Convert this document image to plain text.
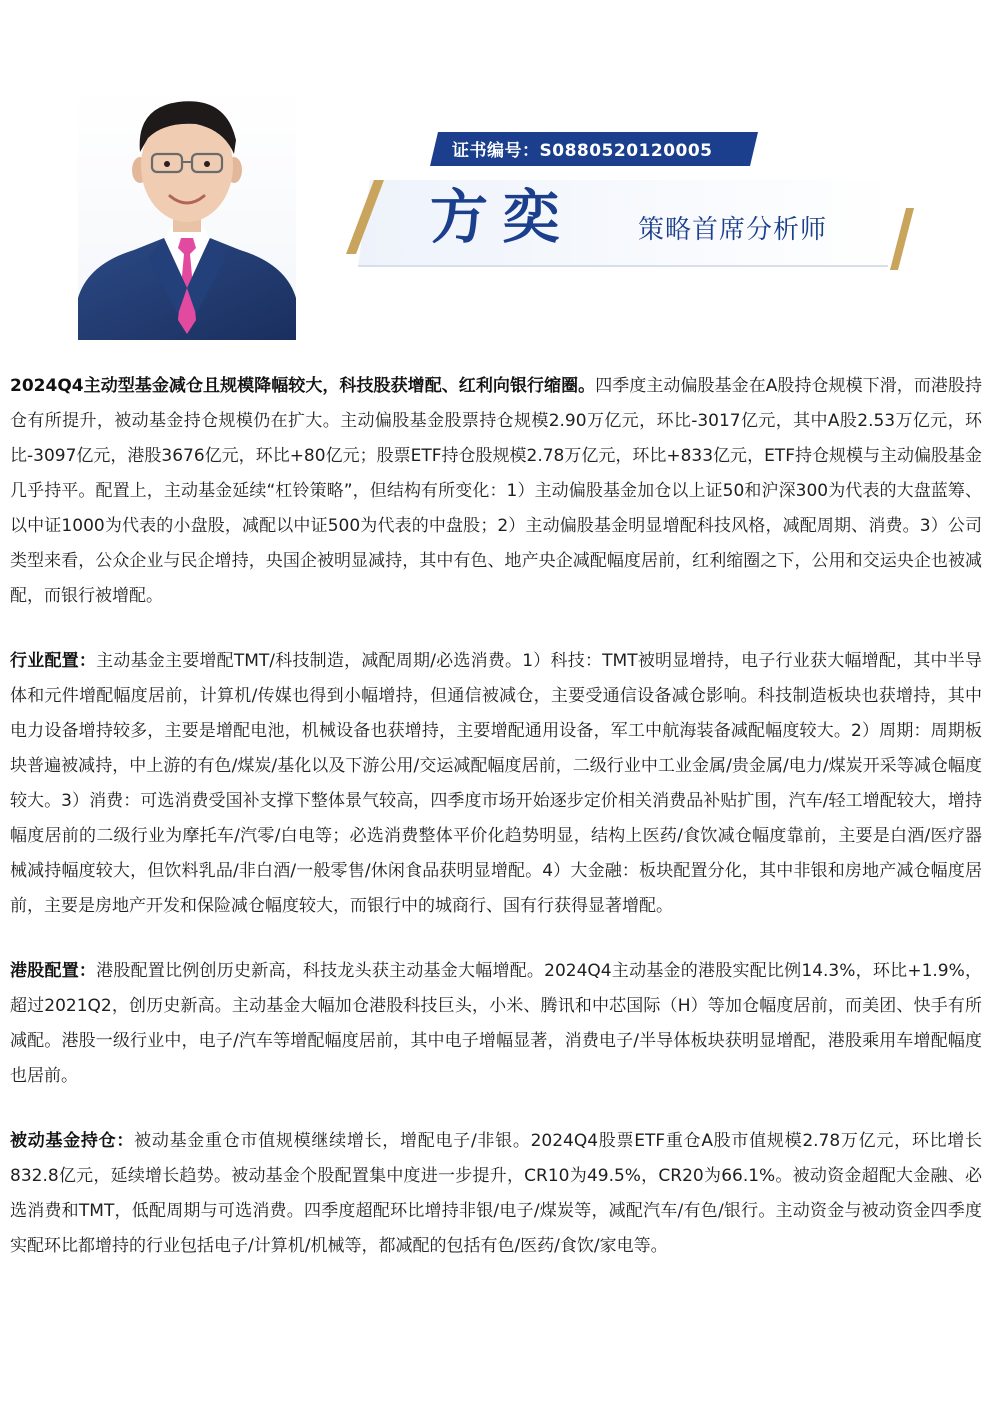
证书编号：S0880520120005
方奕 策略首席分析师

2024Q4主动型基金减仓且规模降幅较大，科技股获增配、红利向银行缩圈。四季度主动偏股基金在A股持仓规模下滑，而港股持仓有所提升，被动基金持仓规模仍在扩大。主动偏股基金股票持仓规模2.90万亿元，环比-3017亿元，其中A股2.53万亿元，环比-3097亿元，港股3676亿元，环比+80亿元；股票ETF持仓股规模2.78万亿元，环比+833亿元，ETF持仓规模与主动偏股基金几乎持平。配置上，主动基金延续“杠铃策略”，但结构有所变化：1）主动偏股基金加仓以上证50和沪深300为代表的大盘蓝筹、以中证1000为代表的小盘股，减配以中证500为代表的中盘股；2）主动偏股基金明显增配科技风格，减配周期、消费。3）公司类型来看，公众企业与民企增持，央国企被明显减持，其中有色、地产央企减配幅度居前，红利缩圈之下，公用和交运央企也被减配，而银行被增配。

行业配置：主动基金主要增配TMT/科技制造，减配周期/必选消费。1）科技：TMT被明显增持，电子行业获大幅增配，其中半导体和元件增配幅度居前，计算机/传媒也得到小幅增持，但通信被减仓，主要受通信设备减仓影响。科技制造板块也获增持，其中电力设备增持较多，主要是增配电池，机械设备也获增持，主要增配通用设备，军工中航海装备减配幅度较大。2）周期：周期板块普遍被减持，中上游的有色/煤炭/基化以及下游公用/交运减配幅度居前，二级行业中工业金属/贵金属/电力/煤炭开采等减仓幅度较大。3）消费：可选消费受国补支撑下整体景气较高，四季度市场开始逐步定价相关消费品补贴扩围，汽车/轻工增配较大，增持幅度居前的二级行业为摩托车/汽零/白电等；必选消费整体平价化趋势明显，结构上医药/食饮减仓幅度靠前，主要是白酒/医疗器械减持幅度较大，但饮料乳品/非白酒/一般零售/休闲食品获明显增配。4）大金融：板块配置分化，其中非银和房地产减仓幅度居前，主要是房地产开发和保险减仓幅度较大，而银行中的城商行、国有行获得显著增配。

港股配置：港股配置比例创历史新高，科技龙头获主动基金大幅增配。2024Q4主动基金的港股实配比例14.3%，环比+1.9%，超过2021Q2，创历史新高。主动基金大幅加仓港股科技巨头，小米、腾讯和中芯国际（H）等加仓幅度居前，而美团、快手有所减配。港股一级行业中，电子/汽车等增配幅度居前，其中电子增幅显著，消费电子/半导体板块获明显增配，港股乘用车增配幅度也居前。

被动基金持仓：被动基金重仓市值规模继续增长，增配电子/非银。2024Q4股票ETF重仓A股市值规模2.78万亿元，环比增长832.8亿元，延续增长趋势。被动基金个股配置集中度进一步提升，CR10为49.5%，CR20为66.1%。被动资金超配大金融、必选消费和TMT，低配周期与可选消费。四季度超配环比增持非银/电子/煤炭等，减配汽车/有色/银行。主动资金与被动资金四季度实配环比都增持的行业包括电子/计算机/机械等，都减配的包括有色/医药/食饮/家电等。
